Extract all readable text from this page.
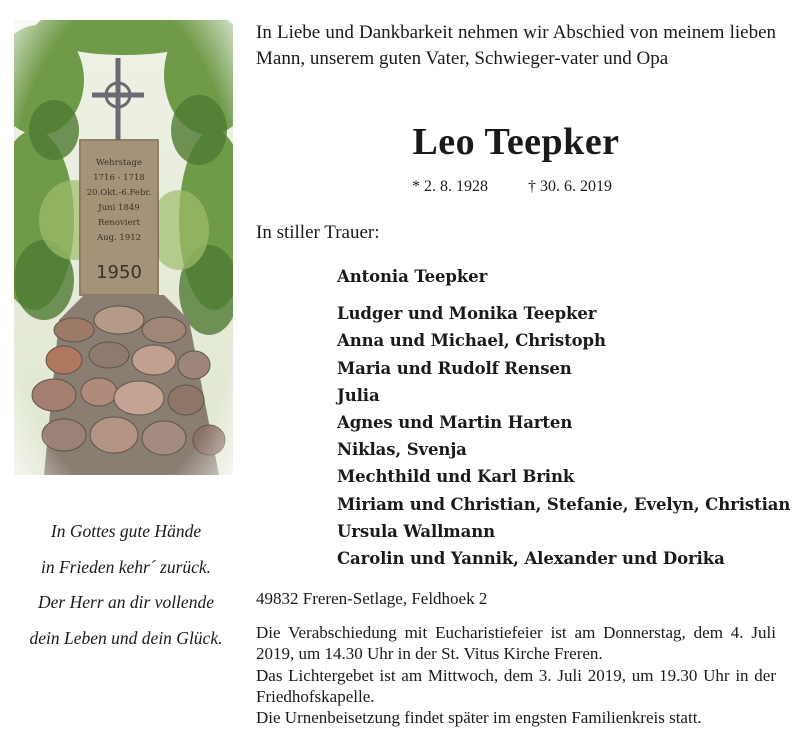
In Gottes gute Hände
in Frieden kehr´ zurück.
Der Herr an dir vollende
dein Leben und dein Glück.

In Liebe und Dankbarkeit nehmen wir Abschied von meinem lieben Mann, unserem guten Vater, Schwieger-vater und Opa

Leo Teepker
* 2. 8. 1928	† 30. 6. 2019
In stiller Trauer:
Antonia Teepker
Ludger und Monika Teepker
Anna und Michael, Christoph
Maria und Rudolf Rensen
Julia
Agnes und Martin Harten
Niklas, Svenja
Mechthild und Karl Brink
Miriam und Christian, Stefanie, Evelyn, Christian
Ursula Wallmann
Carolin und Yannik, Alexander und Dorika
49832 Freren-Setlage, Feldhoek 2

Die Verabschiedung mit Eucharistiefeier ist am Donnerstag, dem 4. Juli 2019, um 14.30 Uhr in der St. Vitus Kirche Freren.

Das Lichtergebet ist am Mittwoch, dem 3. Juli 2019, um 19.30 Uhr in der Friedhofskapelle.

Die Urnenbeisetzung findet später im engsten Familienkreis statt.
